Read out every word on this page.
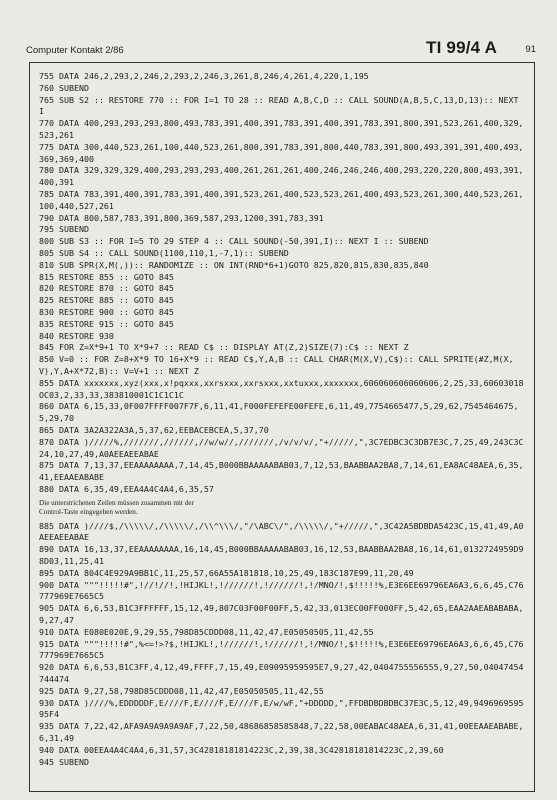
Computer Kontakt 2/86	TI 99/4 A	91
755 DATA 246,2,293,2,246,2,293,2,246,3,261,8,246,4,261,4,220,1,195
760 SUBEND
765 SUB S2 :: RESTORE 770 :: FOR I=1 TO 28 :: READ A,B,C,D :: CALL SOUND(A,B,5,C,13,D,13):: NEXT I
770 DATA 400,293,293,293,800,493,783,391,400,391,783,391,400,391,783,391,800,391,523,261,400,329,523,261
775 DATA 300,440,523,261,100,440,523,261,800,391,783,391,800,440,783,391,800,493,391,391,400,493,369,369,400
780 DATA 329,329,329,400,293,293,293,400,261,261,261,400,246,246,246,400,293,220,220,800,493,391,400,391
785 DATA 783,391,400,391,783,391,400,391,523,261,400,523,523,261,400,493,523,261,300,440,523,261,100,440,527,261
790 DATA 800,587,783,391,800,369,587,293,1200,391,783,391
795 SUBEND
800 SUB S3 :: FOR I=5 TO 29 STEP 4 :: CALL SOUND(-50,391,I):: NEXT I :: SUBEND
805 SUB S4 :: CALL SOUND(1100,110,1,-7,1):: SUBEND
810 SUB SPR(X,M(,)):: RANDOMIZE :: ON INT(RND*6+1)GOTO 825,820,815,830,835,840
815 RESTORE 855 :: GOTO 845
820 RESTORE 870 :: GOTO 845
825 RESTORE 885 :: GOTO 845
830 RESTORE 900 :: GOTO 845
835 RESTORE 915 :: GOTO 845
840 RESTORE 930
845 FOR Z=X*9+1 TO X*9+7 :: READ C$ :: DISPLAY AT(Z,2)SIZE(7):C$ :: NEXT Z
850 V=0 :: FOR Z=8+X*9 TO 16+X*9 :: READ C$,Y,A,B :: CALL CHAR(M(X,V),C$):: CALL SPRITE(#Z,M(X,V),Y,A+X*72,B):: V=V+1 :: NEXT Z
855 DATA xxxxxxx,xyz(xxx,x!pqxxx,xxrsxxx,xxrsxxx,xxtuxxx,xxxxxxx,606060606060606,2,25,33,60603018OC03,2,33,33,383810001C1C1C1C
860 DATA 6,15,33,0F007FFFF007F7F,6,11,41,F000FEFEFE00FEFE,6,11,49,7754665477,5,29,62,7545464675,5,29,70
865 DATA 3A2A322A3A,5,37,62,EEBACEBCEA,5,37,70
870 DATA )/////%,///////,//////,//w/w//,///////,/v/v/v/,"+/////,",3C7EDBC3C3DB7E3C,7,25,49,243C3C24,10,27,49,A0AEEAEEABAE
875 DATA 7,13,37,EEAAAAAAAA,7,14,45,B000BBAAAAABAB03,7,12,53,BAABBAA2BA8,7,14,61,EA8AC48AEA,6,35,41,EEAAEABABE
880 DATA 6,35,49,EEA4A4C4A4,6,35,57
Die unterstrichenen Zeilen müssen zusammen mit der Control-Taste eingegeben werden.
885 DATA )////$,/\\\\\/,/\\\\\/,/\\^\\\/,"/\ABC\/",/\\\\\/,"+/////,",3C42A5BDBDA5423C,15,41,49,A0AEEAEEABAE
890 DATA 16,13,37,EEAAAAAAAA,16,14,45,B000BBAAAAABAB03,16,12,53,BAABBAA2BA8,16,14,61,0132724959D98D03,11,25,41
895 DATA 804C4E929A9BB1C,11,25,57,66A55A181818,10,25,49,183C187E99,11,20,49
900 DATA """!!!!!#",!//!//!,!HIJKL!,!//////!,!//////!,!/MNO/!,$!!!!!%,E3E6EE69796EA6A3,6,6,45,C76777969E7665C5
905 DATA 6,6,53,B1C3FFFFFF,15,12,49,807C03F00F00FF,5,42,33,013EC00FF000FF,5,42,65,EAA2AAEABABABA,9,27,47
910 DATA E080E020E,9,29,55,798D85CDDD08,11,42,47,E05050505,11,42,55
915 DATA """!!!!!#",%<=!>?$,!HIJKL!,!//////!,!//////!,!/MNO/!,$!!!!!%,E3E6EE69796EA6A3,6,6,45,C76777969E7665C5
920 DATA 6,6,53,B1C3FF,4,12,49,FFFF,7,15,49,E09095959595E7,9,27,42,0404755556555,9,27,50,04047454744474
925 DATA 9,27,58,798D85CDDD08,11,42,47,E05050505,11,42,55
930 DATA )////%,EDDDDDF,E////F,E////F,E////F,E/w/wF,"+DDDDD,",FFDBDBDBDBC37E3C,5,12,49,949696959595F4
935 DATA 7,22,42,AFA9A9A9A9A9AF,7,22,50,48686858585848,7,22,58,00EABAC48AEA,6,31,41,00EEAAEABABE,6,31,49
940 DATA 00EEA4A4C4A4,6,31,57,3C42818181814223C,2,39,38,3C42818181814223C,2,39,60
945 SUBEND
